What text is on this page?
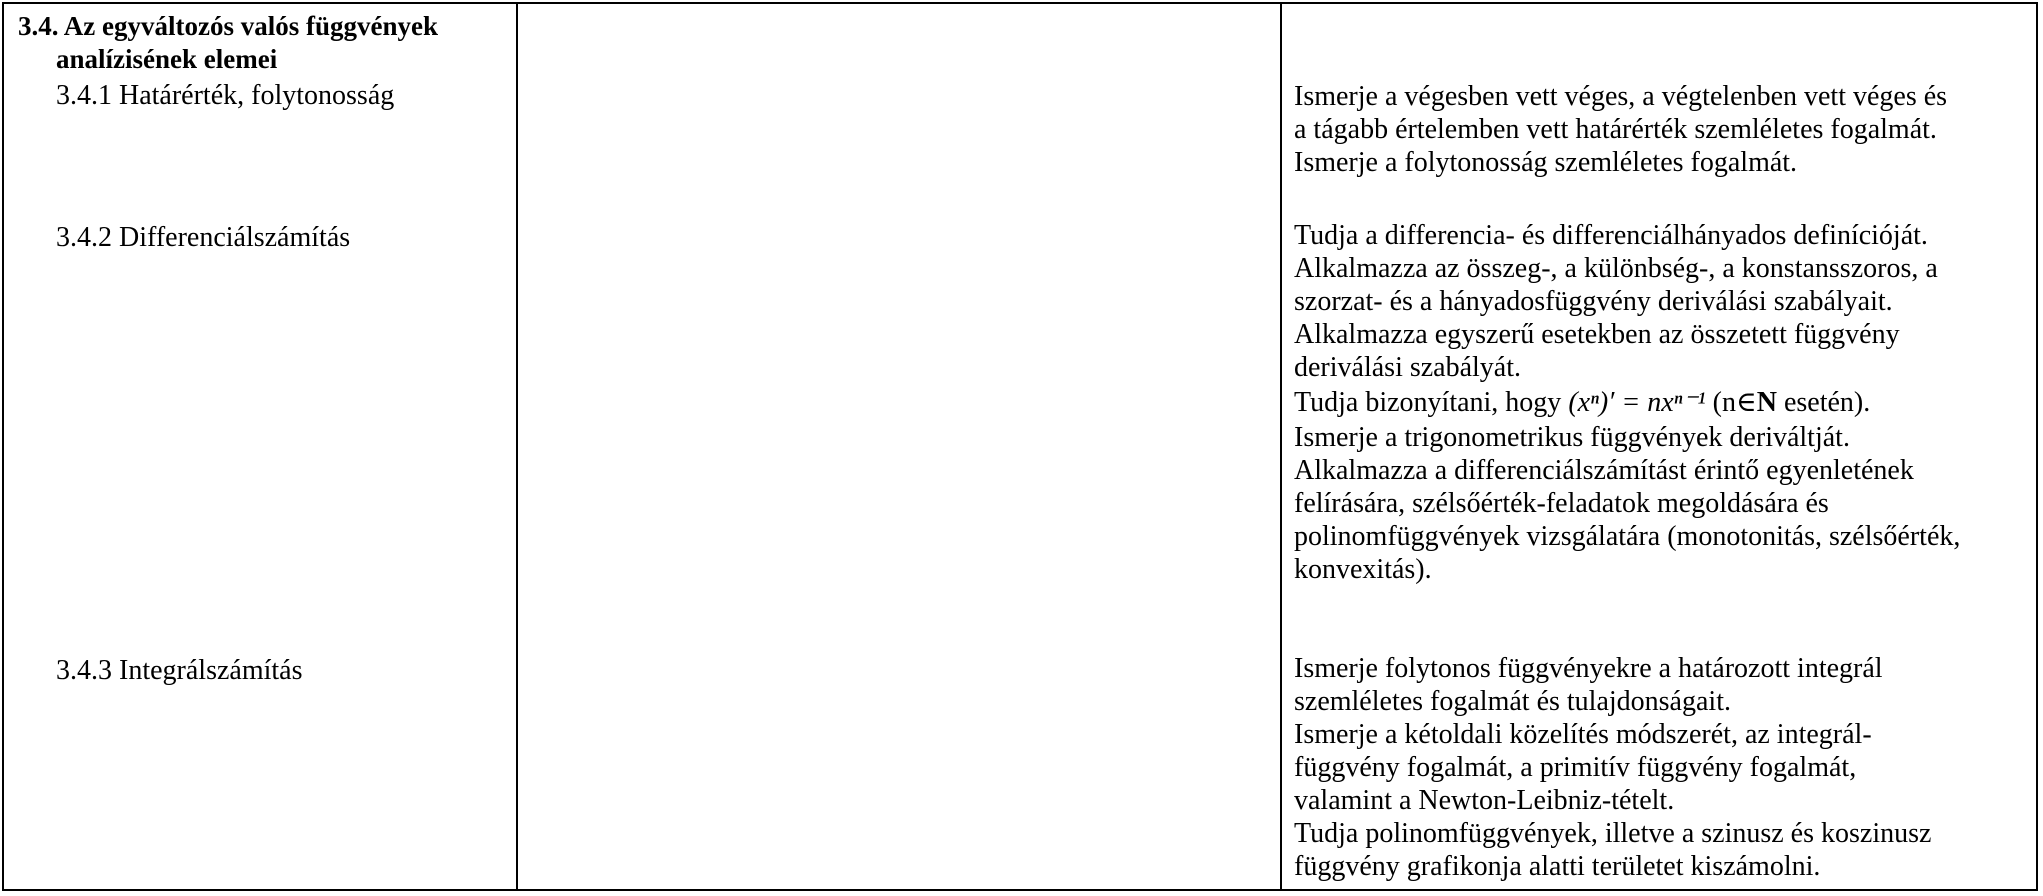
3.4. Az egyváltozós valós függvények
analízisének elemei
3.4.1 Határérték, folytonosság
3.4.2 Differenciálszámítás
3.4.3 Integrálszámítás
Ismerje a végesben vett véges, a végtelenben vett véges és
a tágabb értelemben vett határérték szemléletes fogalmát.
Ismerje a folytonosság szemléletes fogalmát.
Tudja a differencia- és differenciálhányados definícióját.
Alkalmazza az összeg-, a különbség-, a konstansszoros, a
szorzat- és a hányadosfüggvény deriválási szabályait.
Alkalmazza egyszerű esetekben az összetett függvény
deriválási szabályát.
Tudja bizonyítani, hogy (xⁿ)′ = nxⁿ⁻¹ (n∈N esetén).
Ismerje a trigonometrikus függvények deriváltját.
Alkalmazza a differenciálszámítást érintő egyenletének
felírására, szélsőérték-feladatok megoldására és
polinomfüggvények vizsgálatára (monotonitás, szélsőérték,
konvexitás).
Ismerje folytonos függvényekre a határozott integrál
szemléletes fogalmát és tulajdonságait.
Ismerje a kétoldali közelítés módszerét, az integrál-
függvény fogalmát, a primitív függvény fogalmát,
valamint a Newton-Leibniz-tételt.
Tudja polinomfüggvények, illetve a szinusz és koszinusz
függvény grafikonja alatti területet kiszámolni.
